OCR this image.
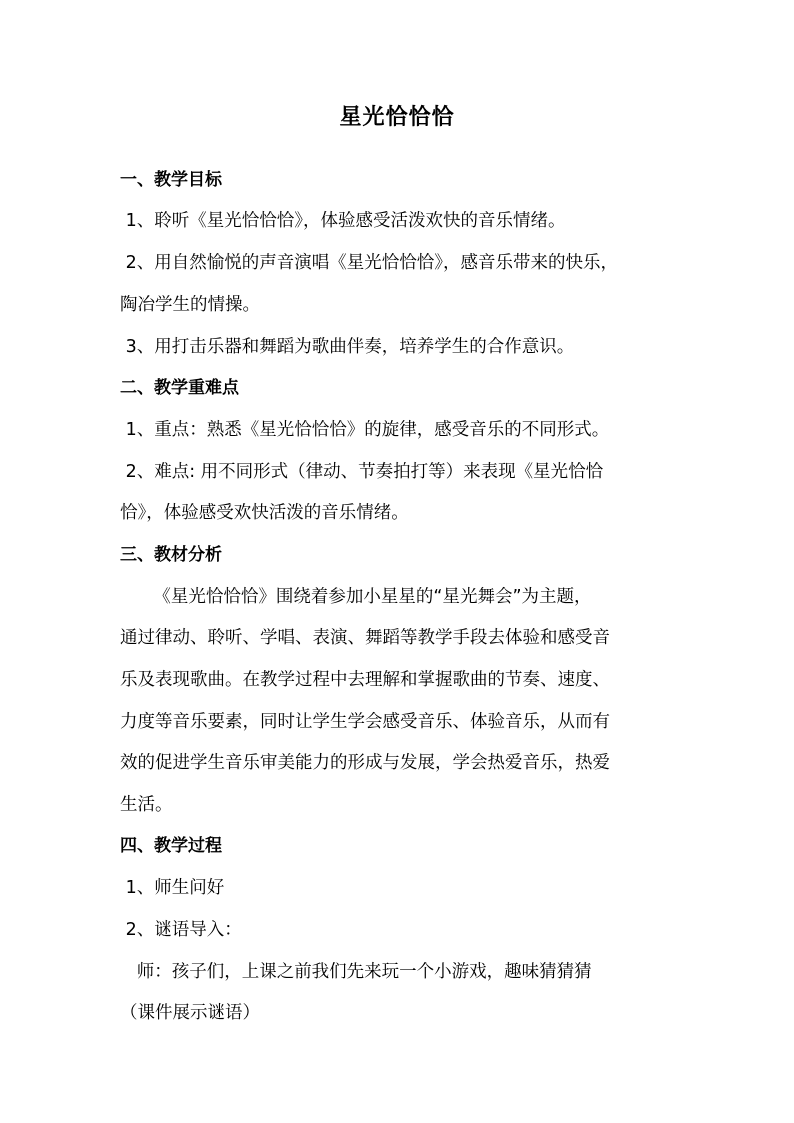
星光恰恰恰
一、教学目标
1、聆听《星光恰恰恰》，体验感受活泼欢快的音乐情绪。
2、用自然愉悦的声音演唱《星光恰恰恰》，感音乐带来的快乐，
陶冶学生的情操。
3、用打击乐器和舞蹈为歌曲伴奏，培养学生的合作意识。
二、教学重难点
1、重点：熟悉《星光恰恰恰》的旋律，感受音乐的不同形式。
2、难点: 用不同形式（律动、节奏拍打等）来表现《星光恰恰
恰》，体验感受欢快活泼的音乐情绪。
三、教材分析
《星光恰恰恰》围绕着参加小星星的“星光舞会”为主题，
通过律动、聆听、学唱、表演、舞蹈等教学手段去体验和感受音
乐及表现歌曲。在教学过程中去理解和掌握歌曲的节奏、速度、
力度等音乐要素，同时让学生学会感受音乐、体验音乐，从而有
效的促进学生音乐审美能力的形成与发展，学会热爱音乐，热爱
生活。
四、教学过程
1、师生问好
2、谜语导入：
师：孩子们，上课之前我们先来玩一个小游戏，趣味猜猜猜
（课件展示谜语）
